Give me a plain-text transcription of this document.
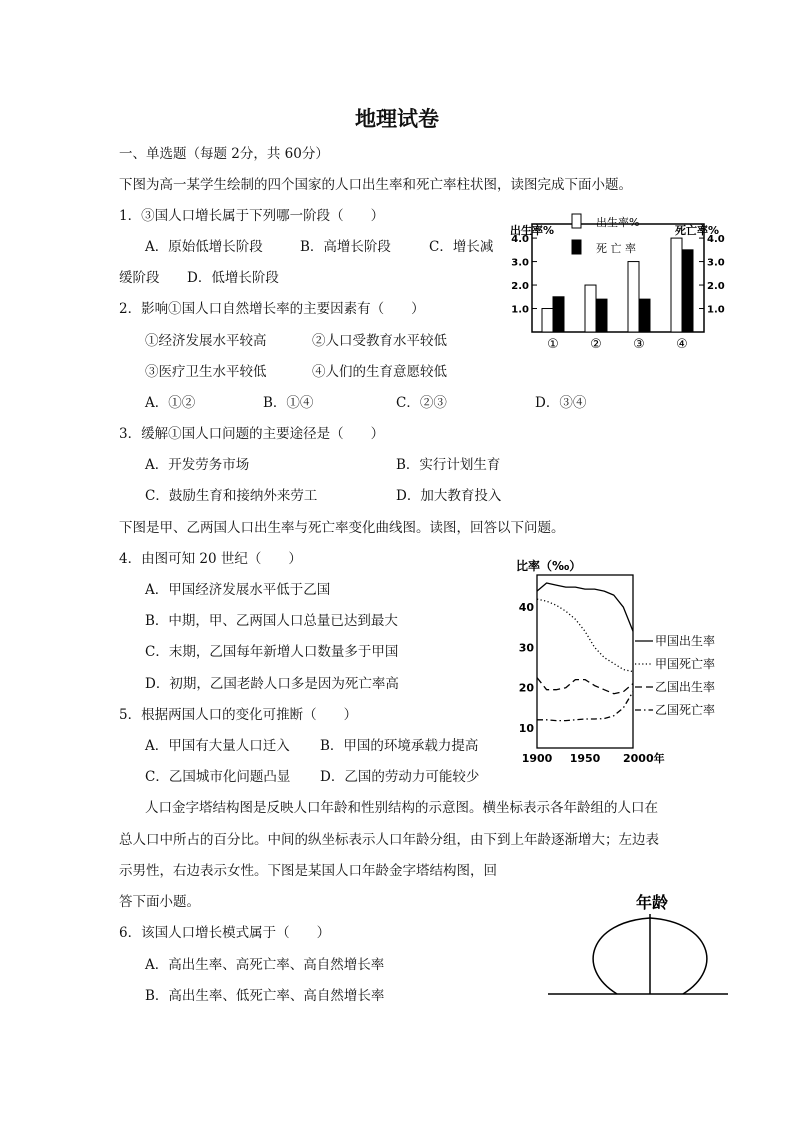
地理试卷
一、单选题（每题 2分，共 60分）
下图为高一某学生绘制的四个国家的人口出生率和死亡率柱状图，读图完成下面小题。
1．③国人口增长属于下列哪一阶段（　　）
A．原始低增长阶段	B．高增长阶段	C．增长减
缓阶段 D．低增长阶段
2．影响①国人口自然增长率的主要因素有（　　）
①经济发展水平较高	②人口受教育水平较低
③医疗卫生水平较低	④人们的生育意愿较低
A．①②	B．①④	C．②③	D．③④
3．缓解①国人口问题的主要途径是（　　）
A．开发劳务市场	B．实行计划生育
C．鼓励生育和接纳外来劳工	D．加大教育投入
下图是甲、乙两国人口出生率与死亡率变化曲线图。读图，回答以下问题。
4．由图可知 20 世纪（　　）
A．甲国经济发展水平低于乙国
B．中期，甲、乙两国人口总量已达到最大
C．末期，乙国每年新增人口数量多于甲国
D．初期，乙国老龄人口多是因为死亡率高
5．根据两国人口的变化可推断（　　）
A．甲国有大量人口迁入 B．甲国的环境承载力提高
C．乙国城市化问题凸显 D．乙国的劳动力可能较少
人口金字塔结构图是反映人口年龄和性别结构的示意图。横坐标表示各年龄组的人口在
总人口中所占的百分比。中间的纵坐标表示人口年龄分组，由下到上年龄逐渐增大；左边表
示男性，右边表示女性。下图是某国人口年龄金字塔结构图，回
答下面小题。
6．该国人口增长模式属于（　　）
A．高出生率、高死亡率、高自然增长率
B．高出生率、低死亡率、高自然增长率
出生率%	死亡率%
1.0	1.0
2.0	2.0
3.0	3.0
4.0	4.0
① ② ③ ④
出生率%
死 亡 率
比率（‰）
10
20
30
40
1900 1950 2000年
甲国出生率
甲国死亡率
乙国出生率
乙国死亡率
年龄
